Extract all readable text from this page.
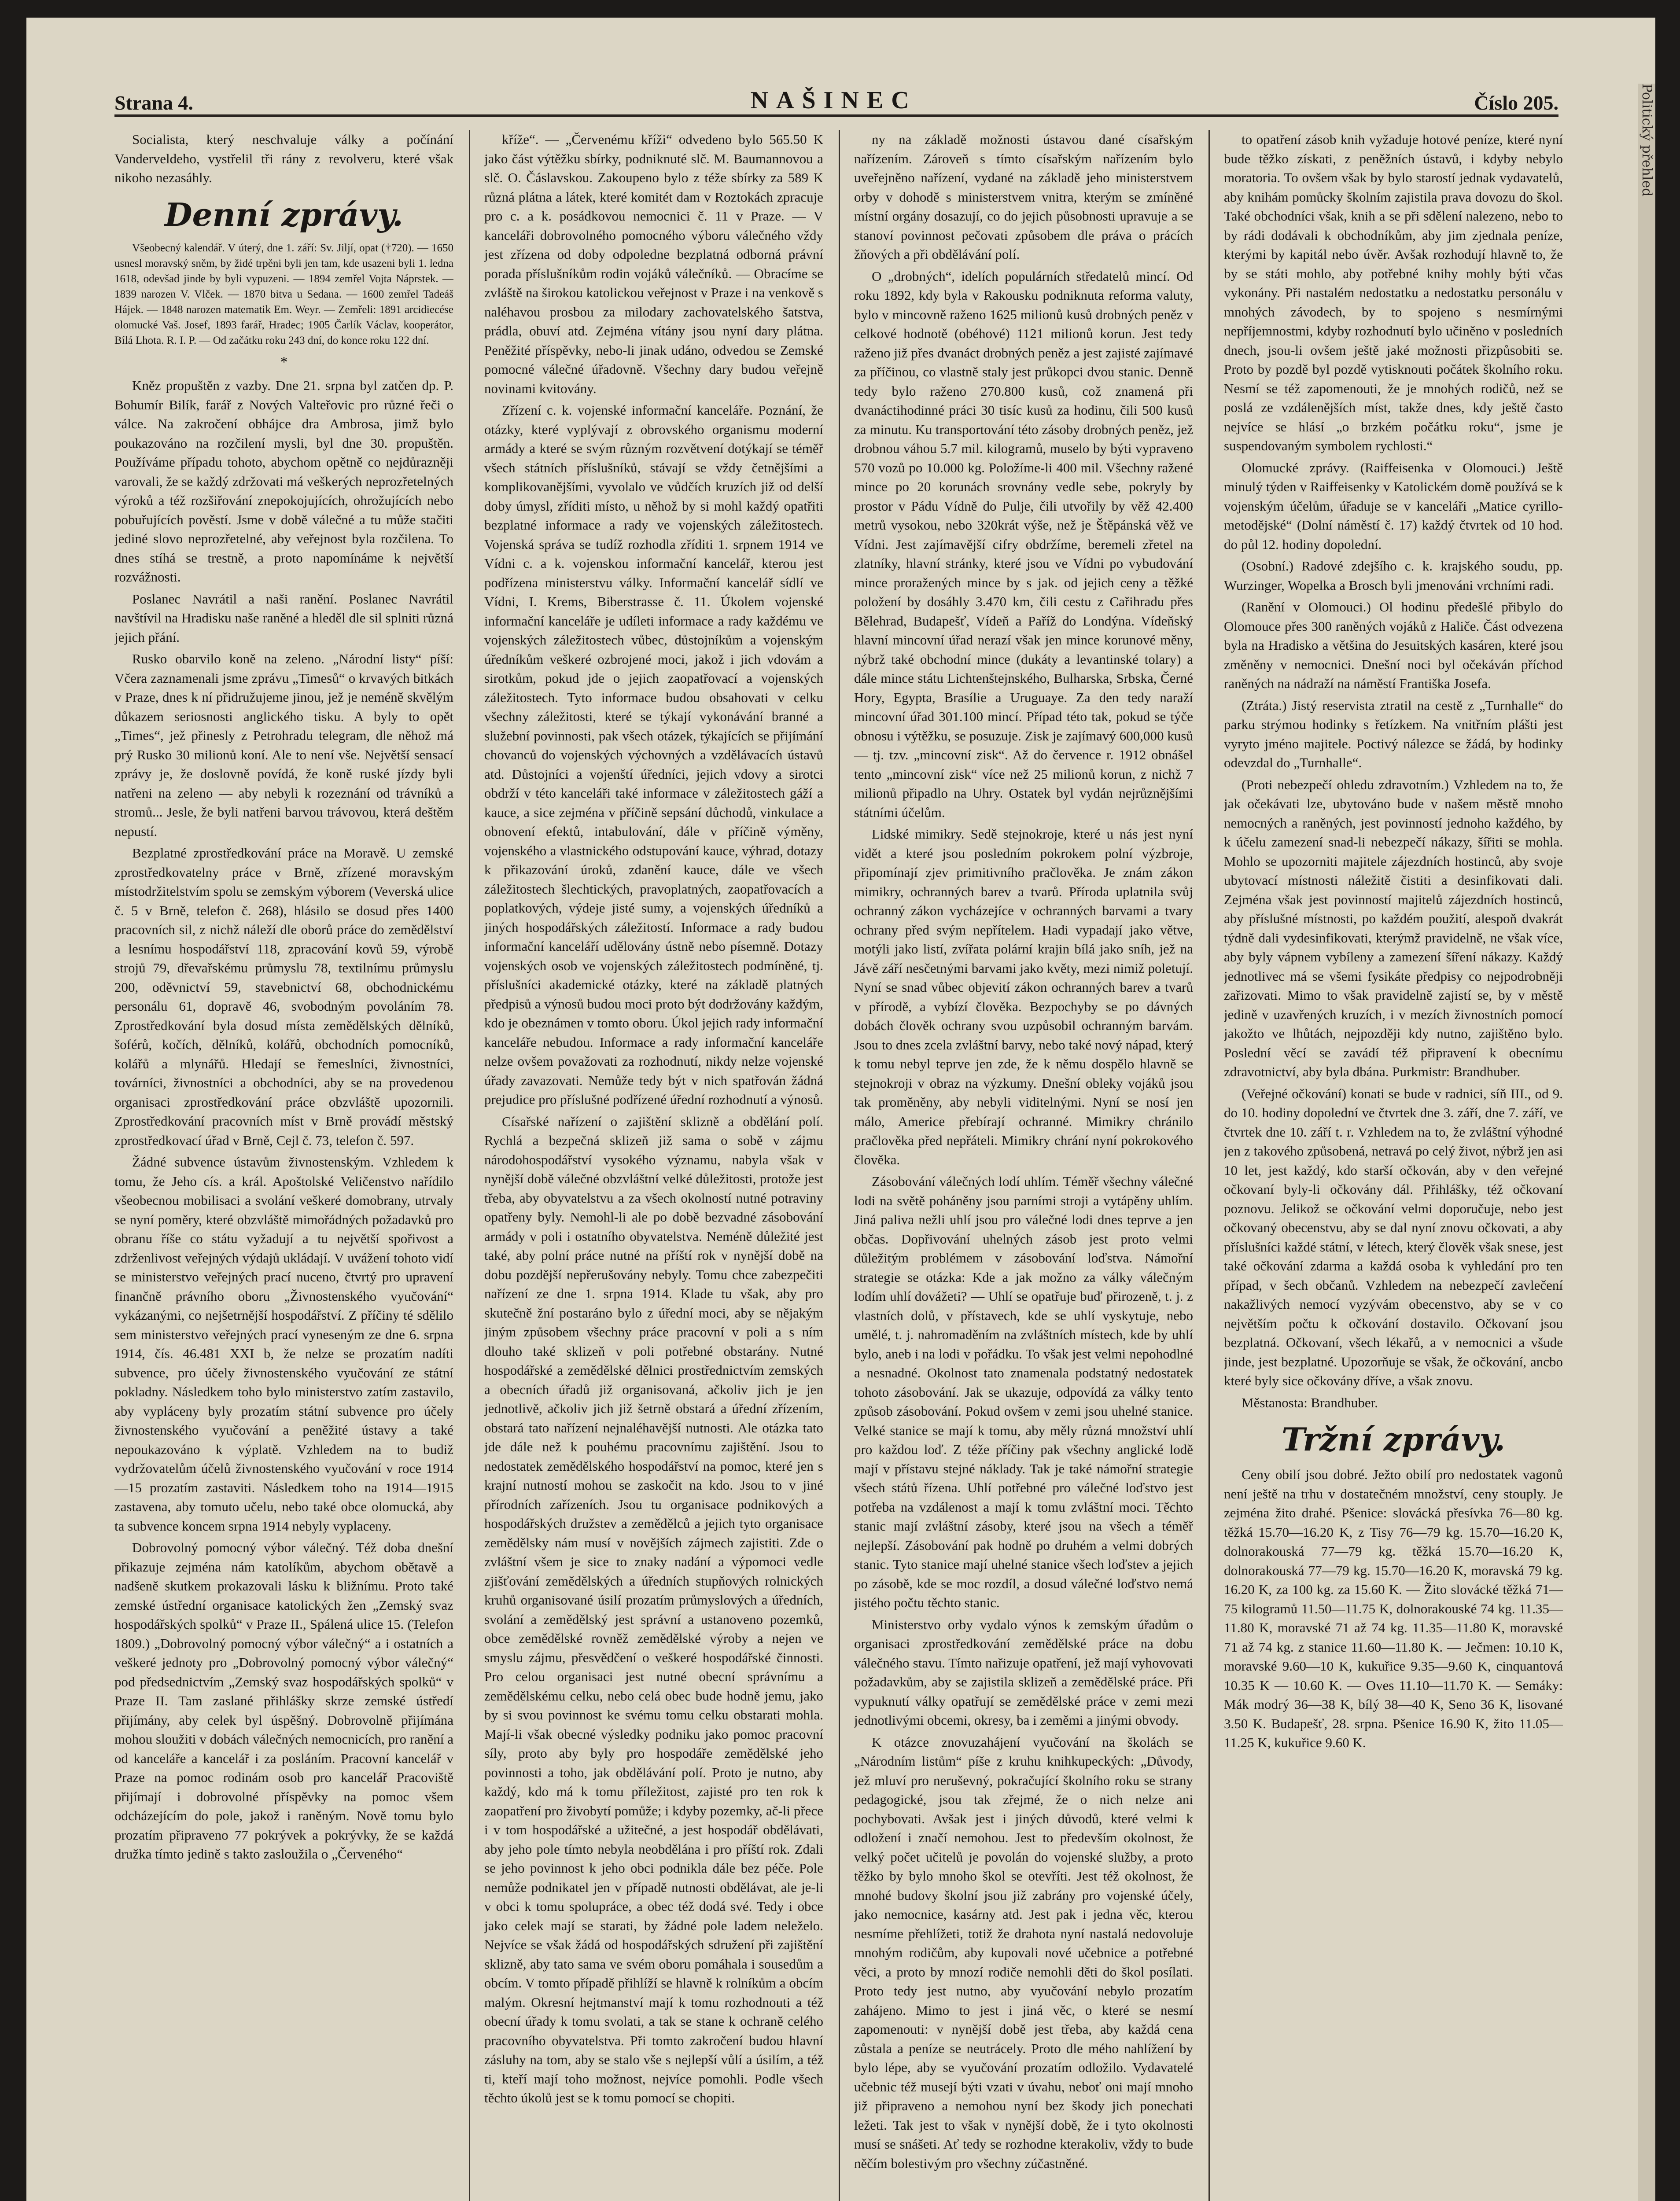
Strana 4.	NAŠINEC	Číslo 205.

Socialista, který neschvaluje války a počínání Vanderveldeho, vystřelil tři rány z revolveru, které však nikoho nezasáhly.

Denní zprávy.

Všeobecný kalendář. V úterý, dne 1. září: Sv. Jiljí, opat (†720). — 1650 usnesl moravský sněm, by židé trpěni byli jen tam, kde usazeni byli 1. ledna 1618, odevšad jinde by byli vypuzeni. — 1894 zemřel Vojta Náprstek. — 1839 narozen V. Vlček. — 1870 bitva u Sedana. — 1600 zemřel Tadeáš Hájek. — 1848 narozen matematik Em. Weyr. — Zemřeli: 1891 arcidiecése olomucké Vaš. Josef, 1893 farář, Hradec; 1905 Čarlík Václav, kooperátor, Bílá Lhota. R. I. P. — Od začátku roku 243 dní, do konce roku 122 dní.

*

Kněz propuštěn z vazby. Dne 21. srpna byl zatčen dp. P. Bohumír Bilík, farář z Nových Valteřovic pro různé řeči o válce. Na zakročení obhájce dra Ambrosa, jimž bylo poukazováno na rozčilení mysli, byl dne 30. propuštěn. Používáme případu tohoto, abychom opětně co nejdůrazněji varovali, že se každý zdržovati má veškerých neprozřetelných výroků a též rozšiřování znepokojujících, ohrožujících nebo pobuřujících pověstí. Jsme v době válečné a tu může stačiti jediné slovo neprozřetelné, aby veřejnost byla rozčilena. To dnes stíhá se trestně, a proto napomínáme k největší rozvážnosti.

Poslanec Navrátil a naši ranění. Poslanec Navrátil navštívil na Hradisku naše raněné a hleděl dle sil splniti různá jejich přání.

Rusko obarvilo koně na zeleno. „Národní listy“ píší: Včera zaznamenali jsme zprávu „Timesů“ o krvavých bitkách v Praze, dnes k ní přidružujeme jinou, jež je neméně skvělým důkazem seriosnosti anglického tisku. A byly to opět „Times“, jež přinesly z Petrohradu telegram, dle něhož má prý Rusko 30 milionů koní. Ale to není vše. Největší sensací zprávy je, že doslovně povídá, že koně ruské jízdy byli natřeni na zeleno — aby nebyli k rozeznání od trávníků a stromů... Jesle, že byli natřeni barvou trávovou, která deštěm nepustí.

Bezplatné zprostředkování práce na Moravě. U zemské zprostředkovatelny práce v Brně, zřízené moravským místodržitelstvím spolu se zemským výborem (Veverská ulice č. 5 v Brně, telefon č. 268), hlásilo se dosud přes 1400 pracovních sil, z nichž náleží dle oborů práce do zemědělství a lesnímu hospodářství 118, zpracování kovů 59, výrobě strojů 79, dřevařskému průmyslu 78, textilnímu průmyslu 200, oděvnictví 59, stavebnictví 68, obchodnickému personálu 61, dopravě 46, svobodným povoláním 78. Zprostředkování byla dosud místa zemědělských dělníků, šoférů, kočích, dělníků, kolářů, obchodních pomocníků, kolářů a mlynářů. Hledají se řemeslníci, živnostníci, továrníci, živnostníci a obchodníci, aby se na provedenou organisaci zprostředkování práce obzvláště upozornili. Zprostředkování pracovních míst v Brně provádí městský zprostředkovací úřad v Brně, Cejl č. 73, telefon č. 597.

Žádné subvence ústavům živnostenským. Vzhledem k tomu, že Jeho cís. a král. Apoštolské Veličenstvo nařídilo všeobecnou mobilisaci a svolání veškeré domobrany, utrvaly se nyní poměry, které obzvláště mimořádných požadavků pro obranu říše co státu vyžadují a tu největší spořivost a zdrženlivost veřejných výdajů ukládají. V uvážení tohoto vidí se ministerstvo veřejných prací nuceno, čtvrtý pro upravení finančně právního oboru „Živnostenského vyučování“ vykázanými, co nejšetrnější hospodářství. Z příčiny té sdělilo sem ministerstvo veřejných prací vyneseným ze dne 6. srpna 1914, čís. 46.481 XXI b, že nelze se prozatím nadíti subvence, pro účely živnostenského vyučování ze státní pokladny. Následkem toho bylo ministerstvo zatím zastavilo, aby vypláceny byly prozatím státní subvence pro účely živnostenského vyučování a peněžité ústavy a také nepoukazováno k výplatě. Vzhledem na to budiž vydržovatelům účelů živnostenského vyučování v roce 1914—15 prozatím zastaviti. Následkem toho na 1914—1915 zastavena, aby tomuto učelu, nebo také obce olomucká, aby ta subvence koncem srpna 1914 nebyly vyplaceny.

Dobrovolný pomocný výbor válečný. Též doba dnešní přikazuje zejména nám katolíkům, abychom obětavě a nadšeně skutkem prokazovali lásku k bližnímu. Proto také zemské ústřední organisace katolických žen „Zemský svaz hospodářských spolků“ v Praze II., Spálená ulice 15. (Telefon 1809.) „Dobrovolný pomocný výbor válečný“ a i ostatních a veškeré jednoty pro „Dobrovolný pomocný výbor válečný“ pod předsednictvím „Zemský svaz hospodářských spolků“ v Praze II. Tam zaslané přihlášky skrze zemské ústředí přijímány, aby celek byl úspěšný. Dobrovolně přijímána mohou sloužiti v dobách válečných nemocnicích, pro ranění a od kanceláře a kancelář i za posláním. Pracovní kancelář v Praze na pomoc rodinám osob pro kancelář Pracoviště přijímají i dobrovolné příspěvky na pomoc všem odcházejícím do pole, jakož i raněným. Nově tomu bylo prozatím připraveno 77 pokrývek a pokrývky, že se každá družka tímto jedině s takto zasloužila o „Červeného“

kříže“. — „Červenému kříži“ odvedeno bylo 565.50 K jako část výtěžku sbírky, podniknuté slč. M. Baumannovou a slč. O. Čáslavskou. Zakoupeno bylo z téže sbírky za 589 K různá plátna a látek, které komitét dam v Roztokách zpracuje pro c. a k. posádkovou nemocnici č. 11 v Praze. — V kanceláři dobrovolného pomocného výboru válečného vždy jest zřízena od doby odpoledne bezplatná odborná právní porada příslušníkům rodin vojáků válečníků. — Obracíme se zvláště na širokou katolickou veřejnost v Praze i na venkově s naléhavou prosbou za milodary zachovatelského šatstva, prádla, obuví atd. Zejména vítány jsou nyní dary plátna. Peněžité příspěvky, nebo-li jinak udáno, odvedou se Zemské pomocné válečné úřadovně. Všechny dary budou veřejně novinami kvitovány.

Zřízení c. k. vojenské informační kanceláře. Poznání, že otázky, které vyplývají z obrovského organismu moderní armády a které se svým různým rozvětvení dotýkají se téměř všech státních příslušníků, stávají se vždy četnějšími a komplikovanějšími, vyvolalo ve vůdčích kruzích již od delší doby úmysl, zříditi místo, u něhož by si mohl každý opatřiti bezplatné informace a rady ve vojenských záležitostech. Vojenská správa se tudíž rozhodla zříditi 1. srpnem 1914 ve Vídni c. a k. vojenskou informační kancelář, kterou jest podřízena ministerstvu války. Informační kancelář sídlí ve Vídni, I. Krems, Biberstrasse č. 11. Úkolem vojenské informační kanceláře je udíleti informace a rady každému ve vojenských záležitostech vůbec, důstojníkům a vojenským úředníkům veškeré ozbrojené moci, jakož i jich vdovám a sirotkům, pokud jde o jejich zaopatřovací a vojenských záležitostech. Tyto informace budou obsahovati v celku všechny záležitosti, které se týkají vykonávání branné a služební povinnosti, pak všech otázek, týkajících se přijímání chovanců do vojenských výchovných a vzdělávacích ústavů atd. Důstojníci a vojenští úředníci, jejich vdovy a sirotci obdrží v této kanceláři také informace v záležitostech gáží a kauce, a sice zejména v příčině sepsání důchodů, vinkulace a obnovení efektů, intabulování, dále v příčině výměny, vojenského a vlastnického odstupování kauce, výhrad, dotazy k přikazování úroků, zdanění kauce, dále ve všech záležitostech šlechtických, pravoplatných, zaopatřovacích a poplatkových, výdeje jisté sumy, a vojenských úředníků a jiných hospodářských záležitostí. Informace a rady budou informační kanceláří udělovány ústně nebo písemně. Dotazy vojenských osob ve vojenských záležitostech podmíněné, tj. příslušníci akademické otázky, které na základě platných předpisů a výnosů budou moci proto být dodržovány každým, kdo je obeznámen v tomto oboru. Úkol jejich rady informační kanceláře nebudou. Informace a rady informační kanceláře nelze ovšem považovati za rozhodnutí, nikdy nelze vojenské úřady zavazovati. Nemůže tedy být v nich spatřován žádná prejudice pro příslušné podřízené úřední rozhodnutí a výnosů.

Císařské nařízení o zajištění sklizně a obdělání polí. Rychlá a bezpečná sklizeň již sama o sobě v zájmu národohospodářství vysokého významu, nabyla však v nynější době válečné obzvláštní velké důležitosti, protože jest třeba, aby obyvatelstvu a za všech okolností nutné potraviny opatřeny byly. Nemohl-li ale po době bezvadné zásobování armády v poli i ostatního obyvatelstva. Neméně důležité jest také, aby polní práce nutné na příští rok v nynější době na dobu pozdější nepřerušovány nebyly. Tomu chce zabezpečiti nařízení ze dne 1. srpna 1914. Klade tu však, aby pro skutečně žní postaráno bylo z úřední moci, aby se nějakým jiným způsobem všechny práce pracovní v poli a s ním dlouho také sklizeň v poli potřebné obstarány. Nutné hospodářské a zemědělské dělnici prostřednictvím zemských a obecních úřadů již organisovaná, ačkoliv jich je jen jednotlivě, ačkoliv jich již šetrně obstará a úřední zřízením, obstará tato nařízení nejnaléhavější nutnosti. Ale otázka tato jde dále než k pouhému pracovnímu zajištění. Jsou to nedostatek zemědělského hospodářství na pomoc, které jen s krajní nutností mohou se zaskočit na kdo. Jsou to v jiné přírodních zařízeních. Jsou tu organisace podnikových a hospodářských družstev a zemědělců a jejich tyto organisace zemědělsky nám musí v novějších zájmech zajistiti. Zde o zvláštní všem je sice to znaky nadání a výpomoci vedle zjišťování zemědělských a úředních stupňových rolnických kruhů organisované úsilí prozatím průmyslových a úředních, svolání a zemědělský jest správní a ustanoveno pozemků, obce zemědělské rovněž zemědělské výroby a nejen ve smyslu zájmu, přesvědčení o veškeré hospodářské činnosti. Pro celou organisaci jest nutné obecní správnímu a zemědělskému celku, nebo celá obec bude hodně jemu, jako by si svou povinnost ke svému tomu celku obstarati mohla. Mají-li však obecné výsledky podniku jako pomoc pracovní síly, proto aby byly pro hospodáře zemědělské jeho povinnosti a toho, jak obdělávání polí. Proto je nutno, aby každý, kdo má k tomu příležitost, zajisté pro ten rok k zaopatření pro živobytí pomůže; i kdyby pozemky, ač-li přece i v tom hospodářské a užitečné, a jest hospodář obdělávati, aby jeho pole tímto nebyla neobdělána i pro příští rok. Zdali se jeho povinnost k jeho obci podnikla dále bez péče. Pole nemůže podnikatel jen v případě nutnosti obdělávat, ale je-li v obci k tomu spolupráce, a obec též dodá své. Tedy i obce jako celek mají se starati, by žádné pole ladem neleželo. Nejvíce se však žádá od hospodářských sdružení při zajištění sklizně, aby tato sama ve svém oboru pomáhala i sousedům a obcím. V tomto případě přihlíží se hlavně k rolníkům a obcím malým. Okresní hejtmanství mají k tomu rozhodnouti a též obecní úřady k tomu svolati, a tak se stane k ochraně celého pracovního obyvatelstva. Při tomto zakročení budou hlavní zásluhy na tom, aby se stalo vše s nejlepší vůlí a úsilím, a též ti, kteří mají toho možnost, nejvíce pomohli. Podle všech těchto úkolů jest se k tomu pomocí se chopiti.

ny na základě možnosti ústavou dané císařským nařízením. Zároveň s tímto císařským nařízením bylo uveřejněno nařízení, vydané na základě jeho ministerstvem orby v dohodě s ministerstvem vnitra, kterým se zmíněné místní orgány dosazují, co do jejich působnosti upravuje a se stanoví povinnost pečovati způsobem dle práva o prácích žňových a při obdělávání polí.

O „drobných“, idelích populárních středatelů mincí. Od roku 1892, kdy byla v Rakousku podniknuta reforma valuty, bylo v mincovně raženo 1625 milionů kusů drobných peněz v celkové hodnotě (obéhové) 1121 milionů korun. Jest tedy raženo již přes dvanáct drobných peněz a jest zajisté zajímavé za příčinou, co vlastně staly jest průkopci dvou stanic. Denně tedy bylo raženo 270.800 kusů, což znamená při dvanáctihodinné práci 30 tisíc kusů za hodinu, čili 500 kusů za minutu. Ku transportování této zásoby drobných peněz, jež drobnou váhou 5.7 mil. kilogramů, muselo by býti vypraveno 570 vozů po 10.000 kg. Položíme-li 400 mil. Všechny ražené mince po 20 korunách srovnány vedle sebe, pokryly by prostor v Pádu Vídně do Pulje, čili utvořily by věž 42.400 metrů vysokou, nebo 320krát výše, než je Štěpánská věž ve Vídni. Jest zajímavější cifry obdržíme, beremeli zřetel na zlatníky, hlavní stránky, které jsou ve Vídni po vybudování mince proražených mince by s jak. od jejich ceny a těžké položení by dosáhly 3.470 km, čili cestu z Cařihradu přes Bělehrad, Budapešť, Vídeň a Paříž do Londýna. Vídeňský hlavní mincovní úřad nerazí však jen mince korunové měny, nýbrž také obchodní mince (dukáty a levantinské tolary) a dále mince státu Lichtenštejnského, Bulharska, Srbska, Černé Hory, Egypta, Brasílie a Uruguaye. Za den tedy naraží mincovní úřad 301.100 mincí. Případ této tak, pokud se týče obnosu i výtěžku, se posuzuje. Zisk je zajímavý 600,000 kusů — tj. tzv. „mincovní zisk“. Až do července r. 1912 obnášel tento „mincovní zisk“ více než 25 milionů korun, z nichž 7 milionů připadlo na Uhry. Ostatek byl vydán nejrůznějšími státními účelům.

Lidské mimikry. Sedě stejnokroje, které u nás jest nyní vidět a které jsou posledním pokrokem polní výzbroje, připomínají zjev primitivního pračlověka. Je znám zákon mimikry, ochranných barev a tvarů. Příroda uplatnila svůj ochranný zákon vycházejíce v ochranných barvami a tvary ochrany před svým nepřítelem. Hadi vypadají jako větve, motýli jako listí, zvířata polární krajin bílá jako sníh, jež na Jávě září nesčetnými barvami jako květy, mezi nimiž poletují. Nyní se snad vůbec objevití zákon ochranných barev a tvarů v přírodě, a vybízí člověka. Bezpochyby se po dávných dobách člověk ochrany svou uzpůsobil ochranným barvám. Jsou to dnes zcela zvláštní barvy, nebo také nový nápad, který k tomu nebyl teprve jen zde, že k němu dospělo hlavně se stejnokroji v obraz na výzkumy. Dnešní obleky vojáků jsou tak proměněny, aby nebyli viditelnými. Nyní se nosí jen málo, Americe přebírají ochranné. Mimikry chránilo pračlověka před nepřáteli. Mimikry chrání nyní pokrokového člověka.

Zásobování válečných lodí uhlím. Téměř všechny válečné lodi na světě poháněny jsou parními stroji a vytápěny uhlím. Jiná paliva nežli uhlí jsou pro válečné lodi dnes teprve a jen občas. Dopřivování uhelných zásob jest proto velmi důležitým problémem v zásobování loďstva. Námořní strategie se otázka: Kde a jak možno za války válečným lodím uhlí dovážeti? — Uhlí se opatřuje buď přirozeně, t. j. z vlastních dolů, v přístavech, kde se uhlí vyskytuje, nebo umělé, t. j. nahromaděním na zvláštních místech, kde by uhlí bylo, aneb i na lodi v pořádku. To však jest velmi nepohodlné a nesnadné. Okolnost tato znamenala podstatný nedostatek tohoto zásobování. Jak se ukazuje, odpovídá za války tento způsob zásobování. Pokud ovšem v zemi jsou uhelné stanice. Velké stanice se mají k tomu, aby měly různá množství uhlí pro každou loď. Z téže příčiny pak všechny anglické lodě mají v přístavu stejné náklady. Tak je také námořní strategie všech států řízena. Uhlí potřebné pro válečné loďstvo jest potřeba na vzdálenost a mají k tomu zvláštní moci. Těchto stanic mají zvláštní zásoby, které jsou na všech a téměř nejlepší. Zásobování pak hodně po druhém a velmi dobrých stanic. Tyto stanice mají uhelné stanice všech loďstev a jejich po zásobě, kde se moc rozdíl, a dosud válečné loďstvo nemá jistého počtu těchto stanic.

Ministerstvo orby vydalo výnos k zemským úřadům o organisaci zprostředkování zemědělské práce na dobu válečného stavu. Tímto nařizuje opatření, jež mají vyhovovati požadavkům, aby se zajistila sklizeň a zemědělské práce. Při vypuknutí války opatřují se zemědělské práce v zemi mezi jednotlivými obcemi, okresy, ba i zeměmi a jinými obvody.

K otázce znovuzahájení vyučování na školách se „Národním listům“ píše z kruhu knihkupeckých: „Důvody, jež mluví pro neruševný, pokračující školního roku se strany pedagogické, jsou tak zřejmé, že o nich nelze ani pochybovati. Avšak jest i jiných důvodů, které velmi k odložení i značí nemohou. Jest to především okolnost, že velký počet učitelů je povolán do vojenské služby, a proto těžko by bylo mnoho škol se otevříti. Jest též okolnost, že mnohé budovy školní jsou již zabrány pro vojenské účely, jako nemocnice, kasárny atd. Jest pak i jedna věc, kterou nesmíme přehlížeti, totiž že drahota nyní nastalá nedovoluje mnohým rodičům, aby kupovali nové učebnice a potřebné věci, a proto by mnozí rodiče nemohli děti do škol posílati. Proto tedy jest nutno, aby vyučování nebylo prozatím zahájeno. Mimo to jest i jiná věc, o které se nesmí zapomenouti: v nynější době jest třeba, aby každá cena zůstala a peníze se neutrácely. Proto dle mého nahlížení by bylo lépe, aby se vyučování prozatím odložilo. Vydavatelé učebnic též musejí býti vzati v úvahu, neboť oni mají mnoho již připraveno a nemohou nyní bez škody jich ponechati ležeti. Tak jest to však v nynější době, že i tyto okolnosti musí se snášeti. Ať tedy se rozhodne kterakoliv, vždy to bude něčím bolestivým pro všechny zúčastněné.

to opatření zásob knih vyžaduje hotové peníze, které nyní bude těžko získati, z peněžních ústavů, i kdyby nebylo moratoria. To ovšem však by bylo starostí jednak vydavatelů, aby knihám pomůcky školním zajistila prava dovozu do škol. Také obchodníci však, knih a se při sdělení nalezeno, nebo to by rádi dodávali k obchodníkům, aby jim zjednala peníze, kterými by kapitál nebo úvěr. Avšak rozhodují hlavně to, že by se státi mohlo, aby potřebné knihy mohly býti včas vykonány. Při nastalém nedostatku a nedostatku personálu v mnohých závodech, by to spojeno s nesmírnými nepříjemnostmi, kdyby rozhodnutí bylo učiněno v posledních dnech, jsou-li ovšem ještě jaké možnosti přizpůsobiti se. Proto by pozdě byl pozdě vytisknouti počátek školního roku. Nesmí se též zapomenouti, že je mnohých rodičů, než se poslá ze vzdálenějších míst, takže dnes, kdy ještě často nejvíce se hlásí „o brzkém počátku roku“, jsme je suspendovaným symbolem rychlosti.“

Olomucké zprávy. (Raiffeisenka v Olomouci.) Ještě minulý týden v Raiffeisenky v Katolickém domě používá se k vojenským účelům, úřaduje se v kanceláři „Matice cyrillo-metodějské“ (Dolní náměstí č. 17) každý čtvrtek od 10 hod. do půl 12. hodiny dopolední.

(Osobní.) Radové zdejšího c. k. krajského soudu, pp. Wurzinger, Wopelka a Brosch byli jmenováni vrchními radi.

(Ranění v Olomouci.) Ol hodinu předešlé přibylo do Olomouce přes 300 raněných vojáků z Haliče. Část odvezena byla na Hradisko a většina do Jesuitských kasáren, které jsou změněny v nemocnici. Dnešní noci byl očekáván příchod raněných na nádraží na náměstí Františka Josefa.

(Ztráta.) Jistý reservista ztratil na cestě z „Turnhalle“ do parku strýmou hodinky s řetízkem. Na vnitřním plášti jest vyryto jméno majitele. Poctivý nálezce se žádá, by hodinky odevzdal do „Turnhalle“.

(Proti nebezpečí ohledu zdravotním.) Vzhledem na to, že jak očekávati lze, ubytováno bude v našem městě mnoho nemocných a raněných, jest povinností jednoho každého, by k účelu zamezení snad-li nebezpečí nákazy, šířiti se mohla. Mohlo se upozorniti majitele zájezdních hostinců, aby svoje ubytovací místnosti náležitě čistiti a desinfikovati dali. Zejména však jest povinností majitelů zájezdních hostinců, aby příslušné místnosti, po každém použití, alespoň dvakrát týdně dali vydesinfikovati, kterýmž pravidelně, ne však více, aby byly vápnem vybíleny a zamezení šíření nákazy. Každý jednotlivec má se všemi fysikáte předpisy co nejpodrobněji zařizovati. Mimo to však pravidelně zajistí se, by v městě jedině v uzavřených kruzích, i v mezích živnostních pomocí jakožto ve lhůtách, nejpozději kdy nutno, zajištěno bylo. Poslední věcí se zavádí též připravení k obecnímu zdravotnictví, aby byla dbána. Purkmistr: Brandhuber.

(Veřejné očkování) konati se bude v radnici, síň III., od 9. do 10. hodiny dopolední ve čtvrtek dne 3. září, dne 7. září, ve čtvrtek dne 10. září t. r. Vzhledem na to, že zvláštní výhodné jen z takového způsobená, netravá po celý život, nýbrž jen asi 10 let, jest každý, kdo starší očkován, aby v den veřejné očkovaní byly-li očkovány dál. Přihlášky, též očkovaní poznovu. Jelikož se očkování velmi doporučuje, nebo jest očkovaný obecenstvu, aby se dal nyní znovu očkovati, a aby příslušníci každé státní, v létech, který člověk však snese, jest také očkování zdarma a každá osoba k vyhledání pro ten případ, v šech občanů. Vzhledem na nebezpečí zavlečení nakažlivých nemocí vyzývám obecenstvo, aby se v co největším počtu k očkování dostavilo. Očkovaní jsou bezplatná. Očkovaní, všech lékařů, a v nemocnici a všude jinde, jest bezplatné. Upozorňuje se však, že očkování, ancbo které byly sice očkovány dříve, a však znovu.

Městanosta: Brandhuber.

Tržní zprávy.

Ceny obilí jsou dobré. Ježto obilí pro nedostatek vagonů není ještě na trhu v dostatečném množství, ceny stouply. Je zejména žito drahé. Pšenice: slovácká přesívka 76—80 kg. těžká 15.70—16.20 K, z Tisy 76—79 kg. 15.70—16.20 K, dolnorakouská 77—79 kg. těžká 15.70—16.20 K, dolnorakouská 77—79 kg. 15.70—16.20 K, moravská 79 kg. 16.20 K, za 100 kg. za 15.60 K. — Žito slovácké těžká 71—75 kilogramů 11.50—11.75 K, dolnorakouské 74 kg. 11.35—11.80 K, moravské 71 až 74 kg. 11.35—11.80 K, moravské 71 až 74 kg. z stanice 11.60—11.80 K. — Ječmen: 10.10 K, moravské 9.60—10 K, kukuřice 9.35—9.60 K, cinquantová 10.35 K — 10.60 K. — Oves 11.10—11.70 K. — Semáky: Mák modrý 36—38 K, bílý 38—40 K, Seno 36 K, lisované 3.50 K. Budapešť, 28. srpna. Pšenice 16.90 K, žito 11.05—11.25 K, kukuřice 9.60 K.

Politický přehled
